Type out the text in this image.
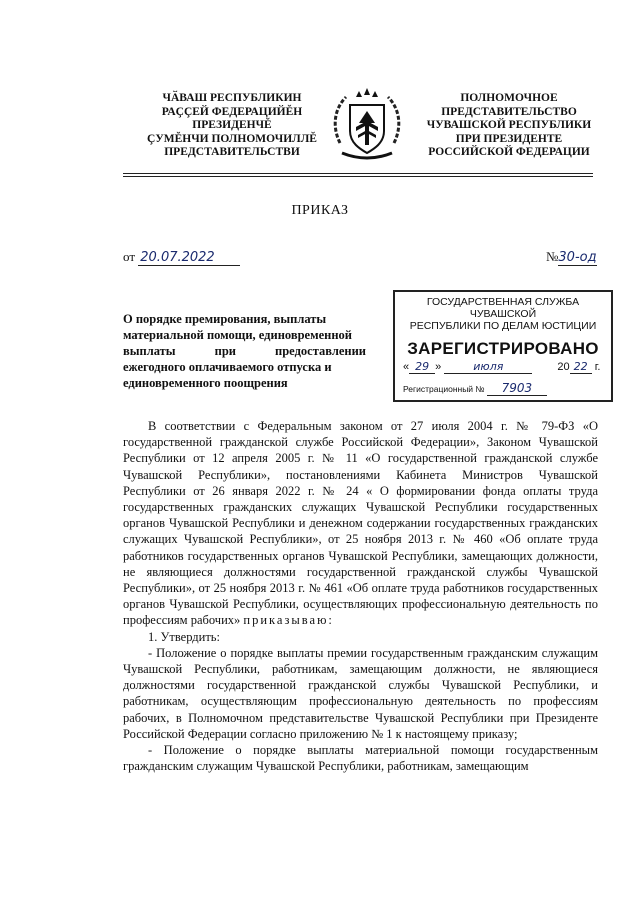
ЧӐВАШ РЕСПУБЛИКИН
РАҪҪЕЙ ФЕДЕРАЦИЙĔН
ПРЕЗИДЕНЧĔ
ҪУМĔНЧИ ПОЛНОМОЧИЛЛĔ
ПРЕДСТАВИТЕЛЬСТВИ
ПОЛНОМОЧНОЕ
ПРЕДСТАВИТЕЛЬСТВО
ЧУВАШСКОЙ РЕСПУБЛИКИ
ПРИ ПРЕЗИДЕНТЕ
РОССИЙСКОЙ ФЕДЕРАЦИИ
ПРИКАЗ
от 20.07.2022	№30-од
О порядке премирования, выплаты
материальной помощи, единовременной
выплаты при предоставлении
ежегодного оплачиваемого отпуска и
единовременного поощрения
ГОСУДАРСТВЕННАЯ СЛУЖБА ЧУВАШСКОЙ
РЕСПУБЛИКИ ПО ДЕЛАМ ЮСТИЦИИ
ЗАРЕГИСТРИРОВАНО
« 29 »	июля	20 22 г.
Регистрационный № 7903

В соответствии с Федеральным законом от 27 июля 2004 г. № 79-ФЗ «О государственной гражданской службе Российской Федерации», Законом Чувашской Республики от 12 апреля 2005 г. № 11 «О государственной гражданской службе Чувашской Республики», постановлениями Кабинета Министров Чувашской Республики от 26 января 2022 г. № 24 « О формировании фонда оплаты труда государственных гражданских служащих Чувашской Республики государственных органов Чувашской Республики и денежном содержании государственных гражданских служащих Чувашской Республики», от 25 ноября 2013 г. № 460 «Об оплате труда работников государственных органов Чувашской Республики, замещающих должности, не являющиеся должностями государственной гражданской службы Чувашской Республики», от 25 ноября 2013 г. № 461 «Об оплате труда работников государственных органов Чувашской Республики, осуществляющих профессиональную деятельность по профессиям рабочих» приказываю:

1. Утвердить:

- Положение о порядке выплаты премии государственным гражданским служащим Чувашской Республики, работникам, замещающим должности, не являющиеся должностями государственной гражданской службы Чувашской Республики, и работникам, осуществляющим профессиональную деятельность по профессиям рабочих, в Полномочном представительстве Чувашской Республики при Президенте Российской Федерации согласно приложению № 1 к настоящему приказу;

- Положение о порядке выплаты материальной помощи государственным гражданским служащим Чувашской Республики, работникам, замещающим
